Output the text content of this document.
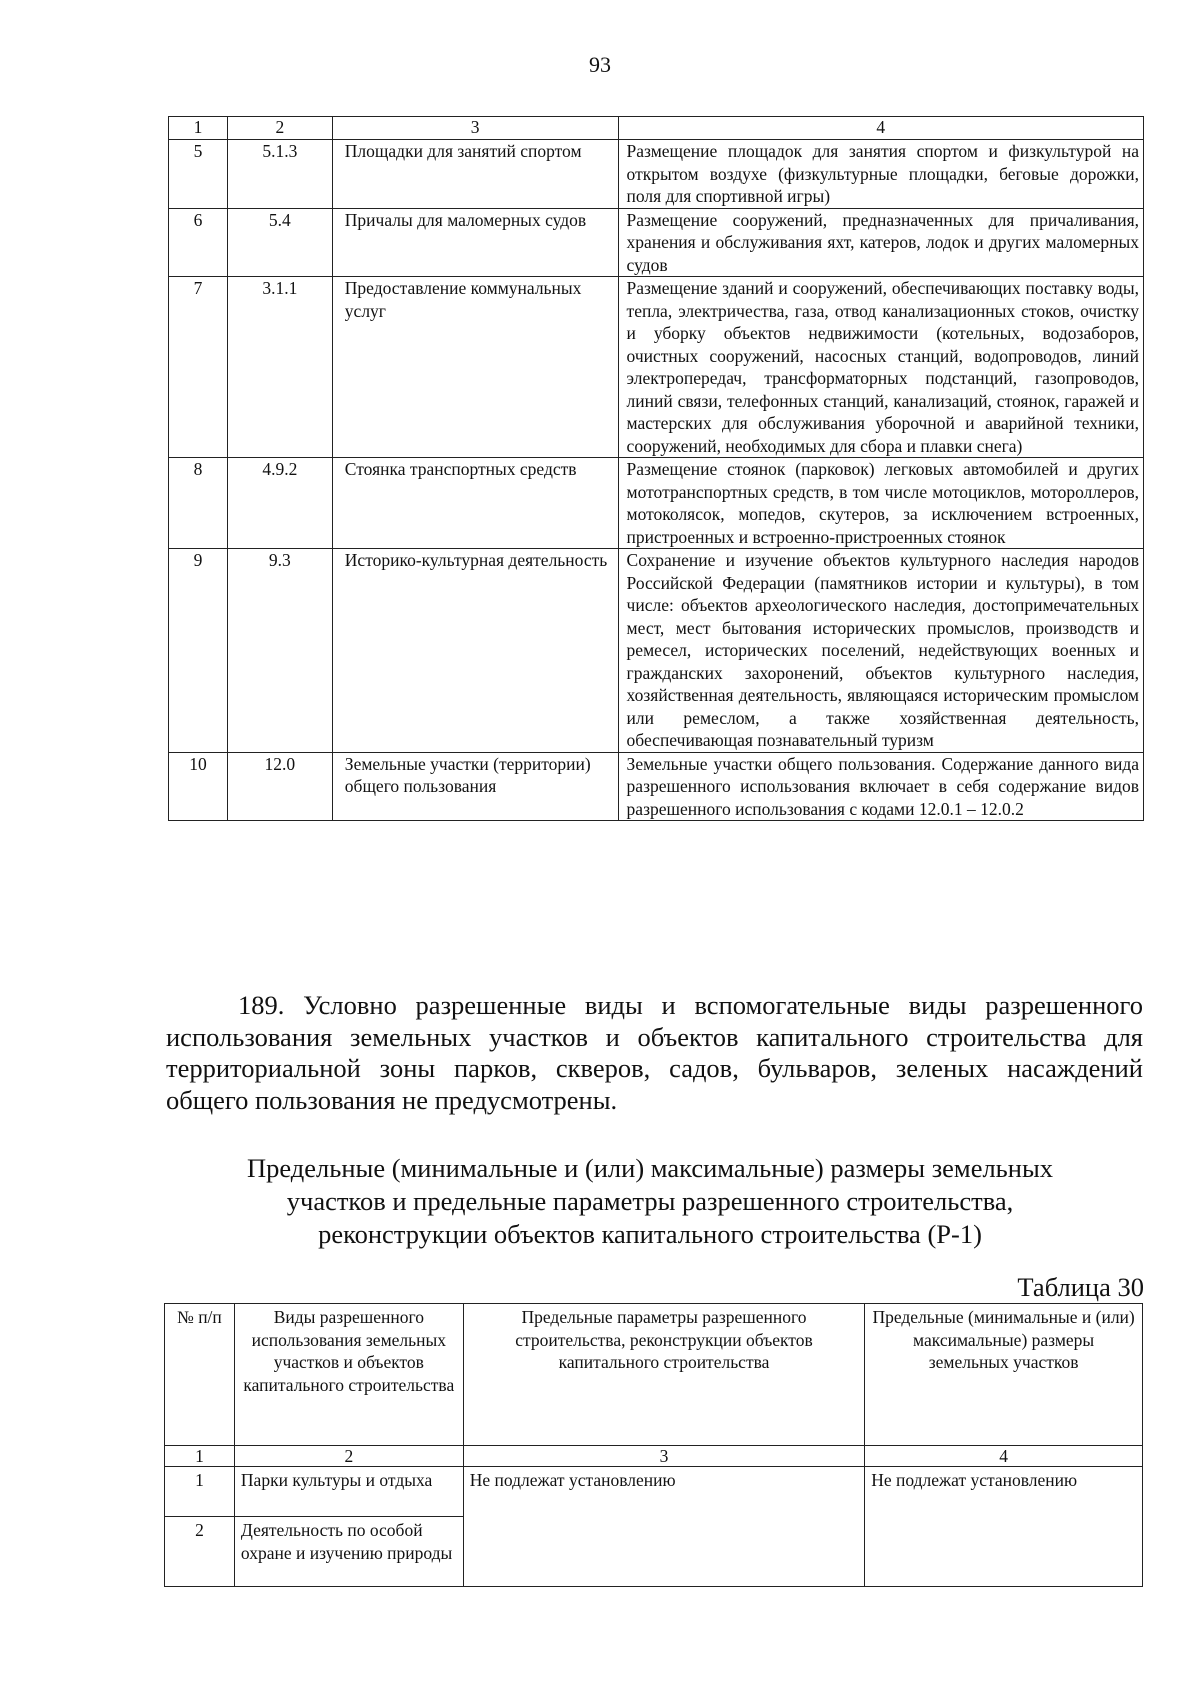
93
1	2	3	4
5	5.1.3	Площадки для занятий спортом	Размещение площадок для занятия спортом и физкультурой на открытом воздухе (физкультурные площадки, беговые дорожки, поля для спортивной игры)
6	5.4	Причалы для маломерных судов	Размещение сооружений, предназначенных для причаливания, хранения и обслуживания яхт, катеров, лодок и других маломерных судов
7	3.1.1	Предоставление коммунальных услуг	Размещение зданий и сооружений, обеспечивающих поставку воды, тепла, электричества, газа, отвод канализационных стоков, очистку и уборку объектов недвижимости (котельных, водозаборов, очистных сооружений, насосных станций, водопроводов, линий электропередач, трансформаторных подстанций, газопроводов, линий связи, телефонных станций, канализаций, стоянок, гаражей и мастерских для обслуживания уборочной и аварийной техники, сооружений, необходимых для сбора и плавки снега)
8	4.9.2	Стоянка транспортных средств	Размещение стоянок (парковок) легковых автомобилей и других мототранспортных средств, в том числе мотоциклов, мотороллеров, мотоколясок, мопедов, скутеров, за исключением встроенных, пристроенных и встроенно-пристроенных стоянок
9	9.3	Историко-культурная деятельность	Сохранение и изучение объектов культурного наследия народов Российской Федерации (памятников истории и культуры), в том числе: объектов археологического наследия, достопримечательных мест, мест бытования исторических промыслов, производств и ремесел, исторических поселений, недействующих военных и гражданских захоронений, объектов культурного наследия, хозяйственная деятельность, являющаяся историческим промыслом или ремеслом, а также хозяйственная деятельность, обеспечивающая познавательный туризм
10	12.0	Земельные участки (территории) общего пользования	Земельные участки общего пользования. Содержание данного вида разрешенного использования включает в себя содержание видов разрешенного использования с кодами 12.0.1 – 12.0.2

189. Условно разрешенные виды и вспомогательные виды разрешенного использования земельных участков и объектов капитального строительства для территориальной зоны парков, скверов, садов, бульваров, зеленых насаждений общего пользования не предусмотрены.

Предельные (минимальные и (или) максимальные) размеры земельных
участков и предельные параметры разрешенного строительства,
реконструкции объектов капитального строительства (Р-1)
Таблица 30
№ п/п	Виды разрешенного использования земельных участков и объектов капитального строительства	Предельные параметры разрешенного строительства, реконструкции объектов капитального строительства	Предельные (минимальные и (или) максимальные) размеры земельных участков
1	2	3	4
1	Парки культуры и отдыха	Не подлежат установлению	Не подлежат установлению
2	Деятельность по особой охране и изучению природы		
